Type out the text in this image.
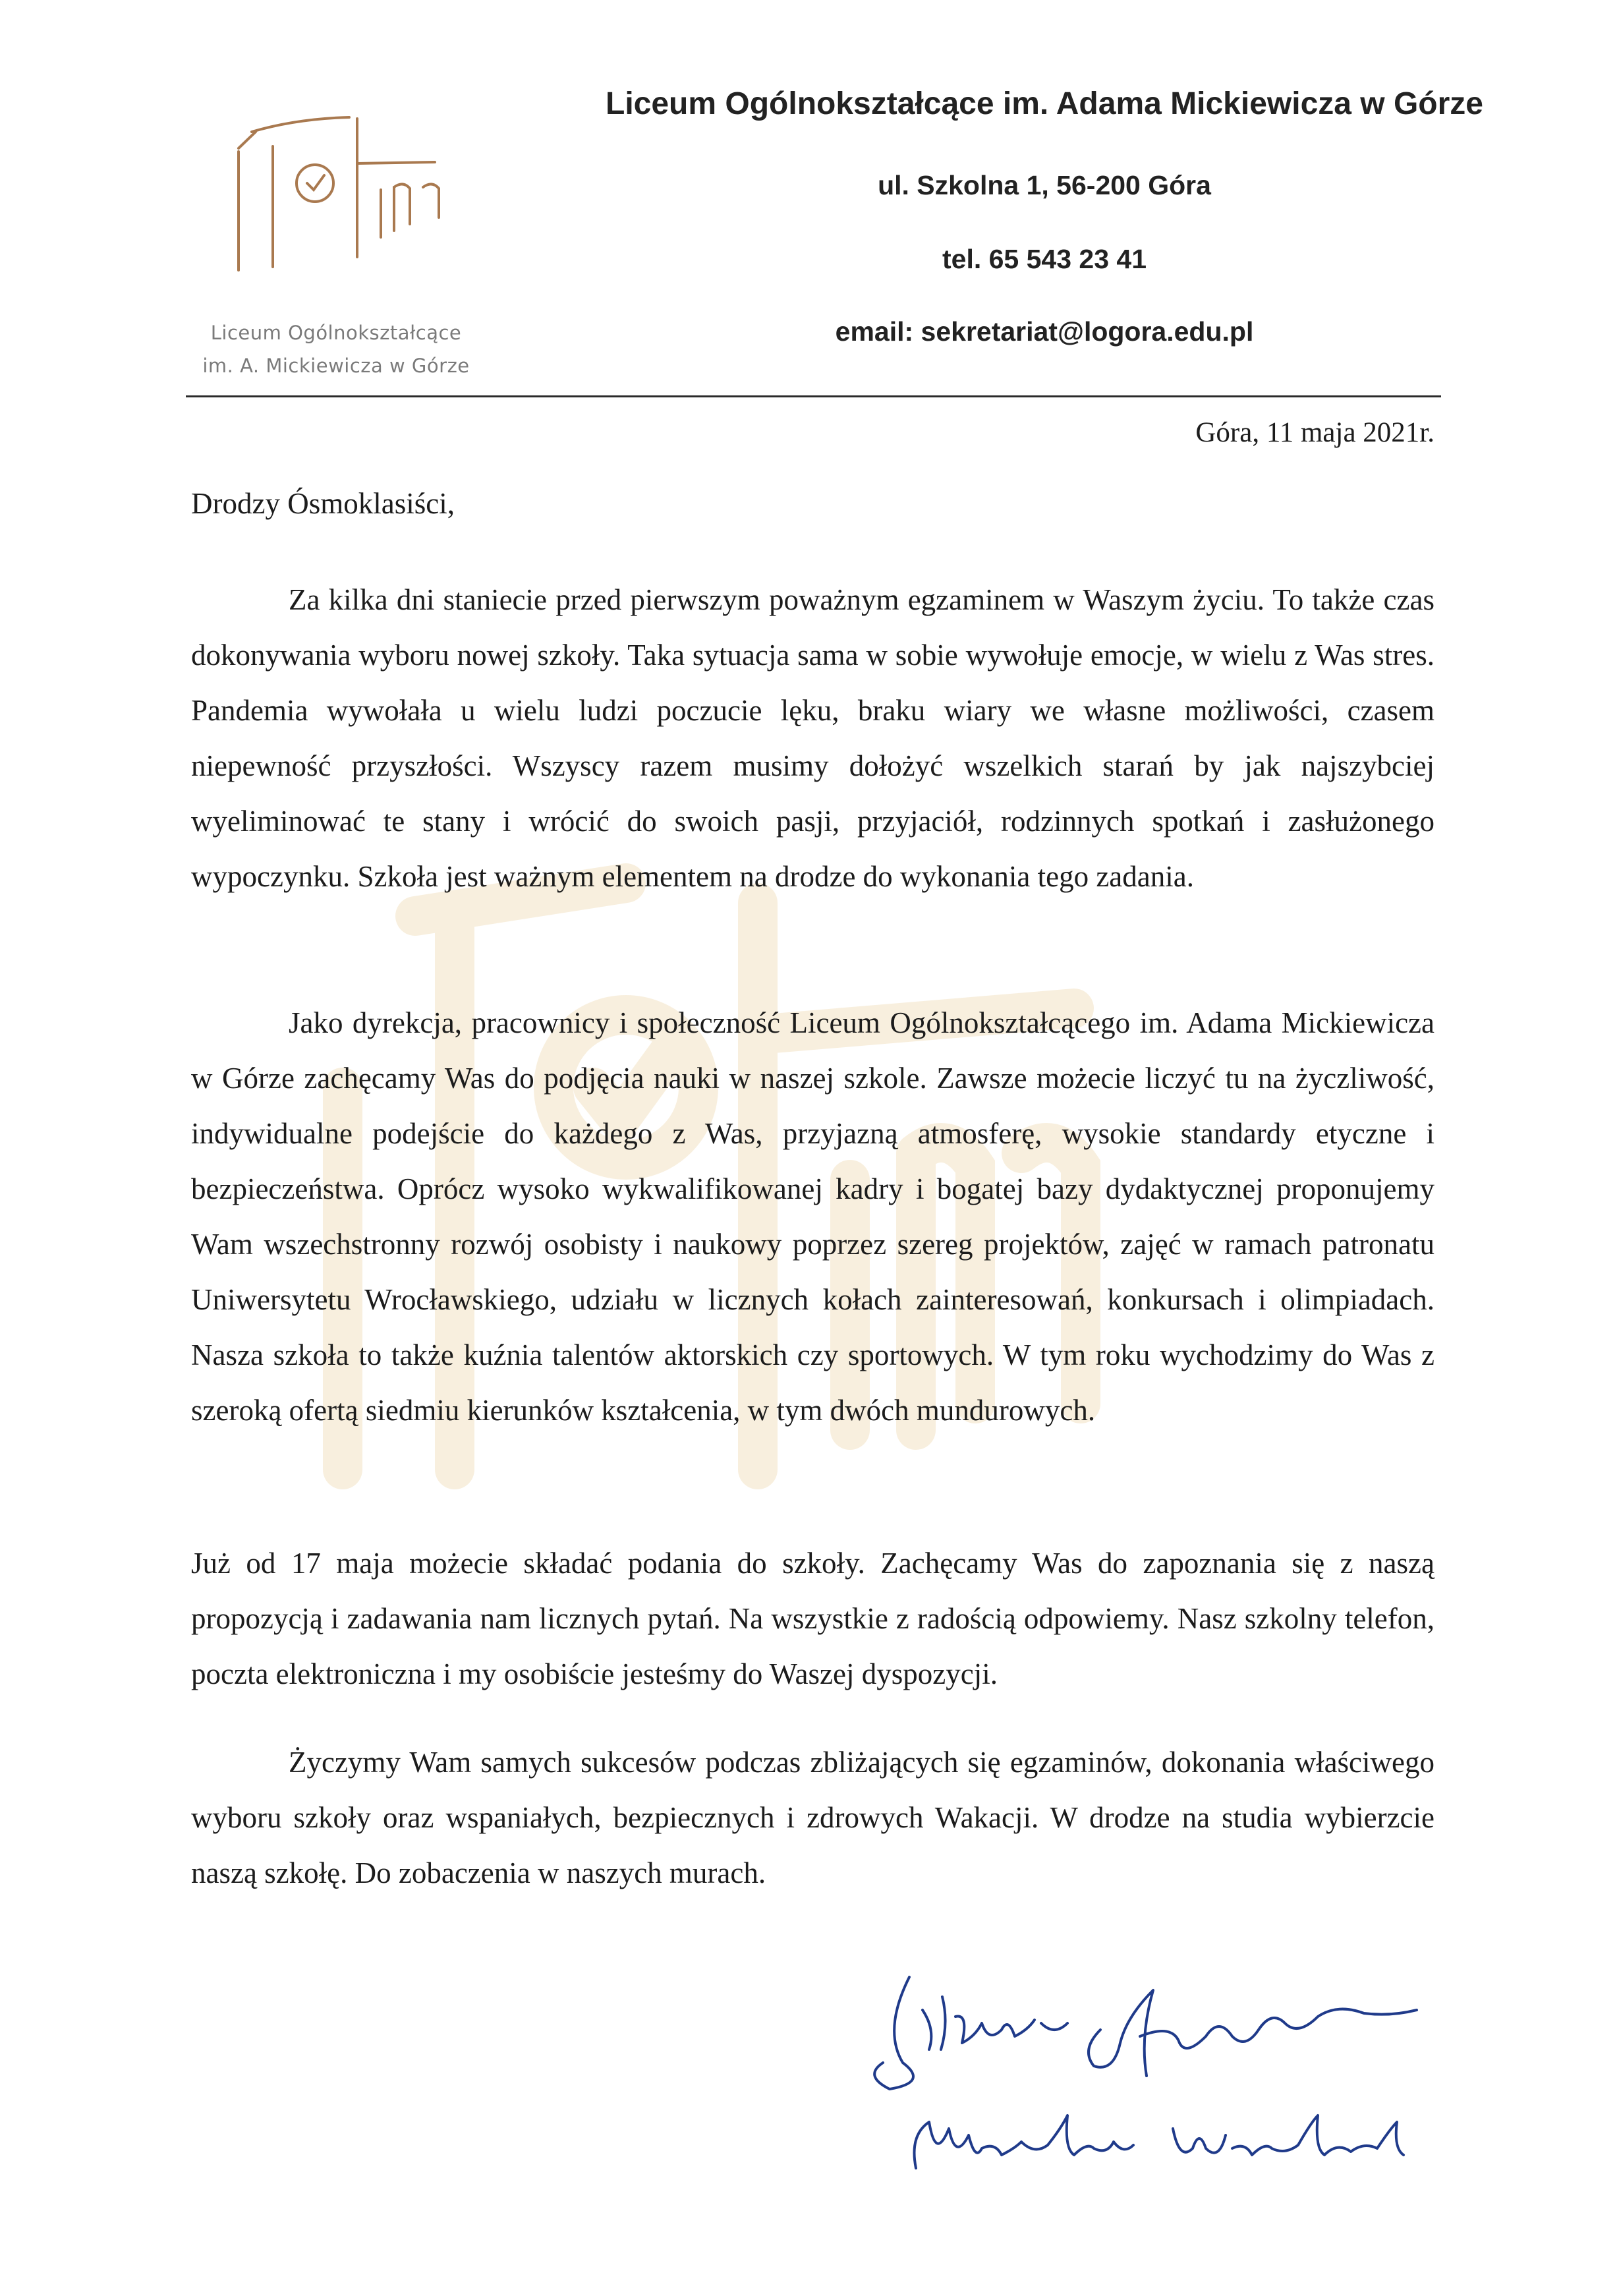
Liceum Ogólnokształcące
im. A. Mickiewicza w Górze
Liceum Ogólnokształcące im. Adama Mickiewicza w Górze
ul. Szkolna 1, 56-200 Góra
tel. 65 543 23 41
email: sekretariat@logora.edu.pl
Góra, 11 maja 2021r.
Drodzy Ósmoklasiści,
Za kilka dni staniecie przed pierwszym poważnym egzaminem w Waszym życiu. To także czas dokonywania wyboru nowej szkoły. Taka sytuacja sama w sobie wywołuje emocje, w wielu z Was stres. Pandemia wywołała u wielu ludzi poczucie lęku, braku wiary we własne możliwości, czasem niepewność przyszłości. Wszyscy razem musimy dołożyć wszelkich starań by jak najszybciej wyeliminować te stany i wrócić do swoich pasji, przyjaciół, rodzinnych spotkań i zasłużonego wypoczynku. Szkoła jest ważnym elementem na drodze do wykonania tego zadania.
Jako dyrekcja, pracownicy i społeczność Liceum Ogólnokształcącego im. Adama Mickiewicza w Górze zachęcamy Was do podjęcia nauki w naszej szkole. Zawsze możecie liczyć tu na życzliwość, indywidualne podejście do każdego z Was, przyjazną atmosferę, wysokie standardy etyczne i bezpieczeństwa. Oprócz wysoko wykwalifikowanej kadry i bogatej bazy dydaktycznej proponujemy Wam wszechstronny rozwój osobisty i naukowy poprzez szereg projektów, zajęć w ramach patronatu Uniwersytetu Wrocławskiego, udziału w licznych kołach zainteresowań, konkursach i olimpiadach. Nasza szkoła to także kuźnia talentów aktorskich czy sportowych. W tym roku wychodzimy do Was z szeroką ofertą siedmiu kierunków kształcenia, w tym dwóch mundurowych.
Już od 17 maja możecie składać podania do szkoły. Zachęcamy Was do zapoznania się z naszą propozycją i zadawania nam licznych pytań. Na wszystkie z radością odpowiemy. Nasz szkolny telefon, poczta elektroniczna i my osobiście jesteśmy do Waszej dyspozycji.
Życzymy Wam samych sukcesów podczas zbliżających się egzaminów, dokonania właściwego wyboru szkoły oraz wspaniałych, bezpiecznych i zdrowych Wakacji. W drodze na studia wybierzcie naszą szkołę. Do zobaczenia w naszych murach.
